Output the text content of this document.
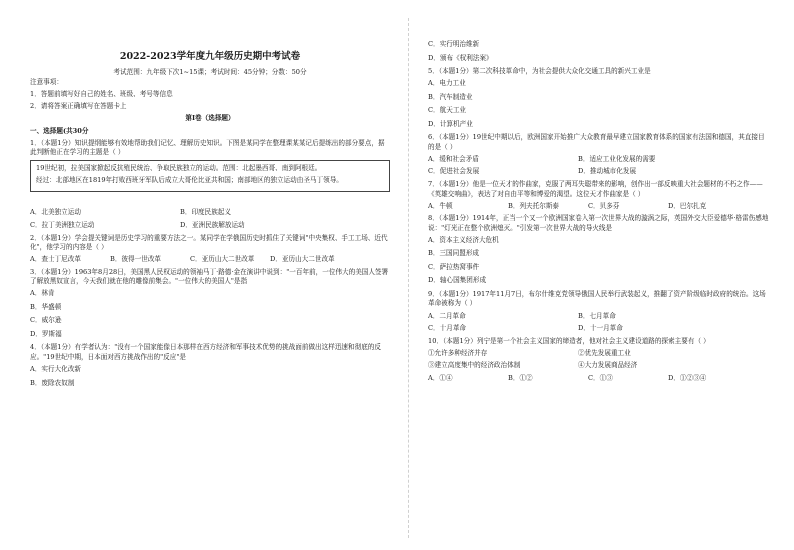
2022-2023学年度九年级历史期中考试卷
考试范围：九年级下次1~15课；考试时间：45分钟；分数：50分
注意事项：
1．答题前填写好自己的姓名、班级、考号等信息
2．请将答案正确填写在答题卡上
第I卷（选择题）
一、选择题(共30分
1．（本题1分）知识提纲能够有效地帮助我们记忆、理解历史知识。下图是某同学在整理课某某记后提练出的部分要点，据此判断他正在学习的主题是（ ）
19世纪初，拉美国家掀起反抗殖民统治、争取民族独立的运动。范围：北起墨西哥、南到阿根廷。
经过：北部地区在1819年打败西班牙军队后成立大哥伦比亚共和国；南部地区的独立运动由圣马丁领导。
A．北美独立运动	B．印度民族起义
C．拉丁美洲独立运动	D．亚洲民族解放运动
2．（本题1分）学会提关键词是历史学习的重要方法之一。某同学在学俄国历史时抓住了关键词"中央集权、手工工场、近代化"，他学习的内容是（ ）
A．查士丁尼改革	B．彼得一世改革	C．亚历山大二世改革	D．亚历山大二世改革
3．（本题1分）1963年8月28日，美国黑人民权运动的领袖马丁·路德·金在演讲中说到："一百年前，一位伟大的美国人签署了解放黑奴宣言，今天我们就在他的雕像前集会。"一位伟大的美国人"是指
A．林肯
B．华盛顿
C．威尔逊
D．罗斯福
4．（本题1分）有学者认为："没有一个国家能像日本那样在西方经济和军事技术优势的挑战面前做出这样迅速和彻底的反应。"19世纪中期，日本面对西方挑战作出的"反应"是
A．实行大化改新
B．废除农奴制
C．实行明治维新
D．颁布《权利法案》
5．（本题1分）第二次科技革命中，为社会提供大众化交通工具的新兴工业是
A．电力工业
B．汽车制造业
C．航天工业
D．计算机产业
6．（本题1分）19世纪中期以后，欧洲国家开始推广大众教育最早建立国家教育体系的国家有法国和德国，其直接目的是（ ）
A．缓和社会矛盾	B．适应工业化发展的需要
C．促进社会发展	D．推动城市化发展
7．（本题1分）他是一位天才的作曲家，克服了两耳失聪带来的影响，创作出一部反映重大社会题材的不朽之作——《英雄交响曲》，表达了对自由平等和博爱的渴望。这位天才作曲家是（ ）
A．牛顿	B．列夫托尔斯泰	C．贝多芬	D．巴尔扎克
8．（本题1分）1914年，正当一个又一个欧洲国家卷入第一次世界大战的漩涡之际，英国外交大臣爱德华·格雷伤感地说："灯光正在整个欧洲熄灭。"引发第一次世界大战的导火线是
A．资本主义经济大危机
B．三国同盟形成
C．萨拉热窝事件
D．轴心国集团形成
9．（本题1分）1917年11月7日，布尔什维克党领导俄国人民举行武装起义，推翻了资产阶级临时政府的统治。这场革命被称为（ ）
A．二月革命	B．七月革命
C．十月革命	D．十一月革命
10．（本题1分）列宁是第一个社会主义国家的缔造者，他对社会主义建设道路的探索主要有（ ）
①允许多种经济并存	②优先发展重工业
③建立高度集中的经济政治体制	④大力发展商品经济
A．①④	B．①②	C．①③	D．①②③④
